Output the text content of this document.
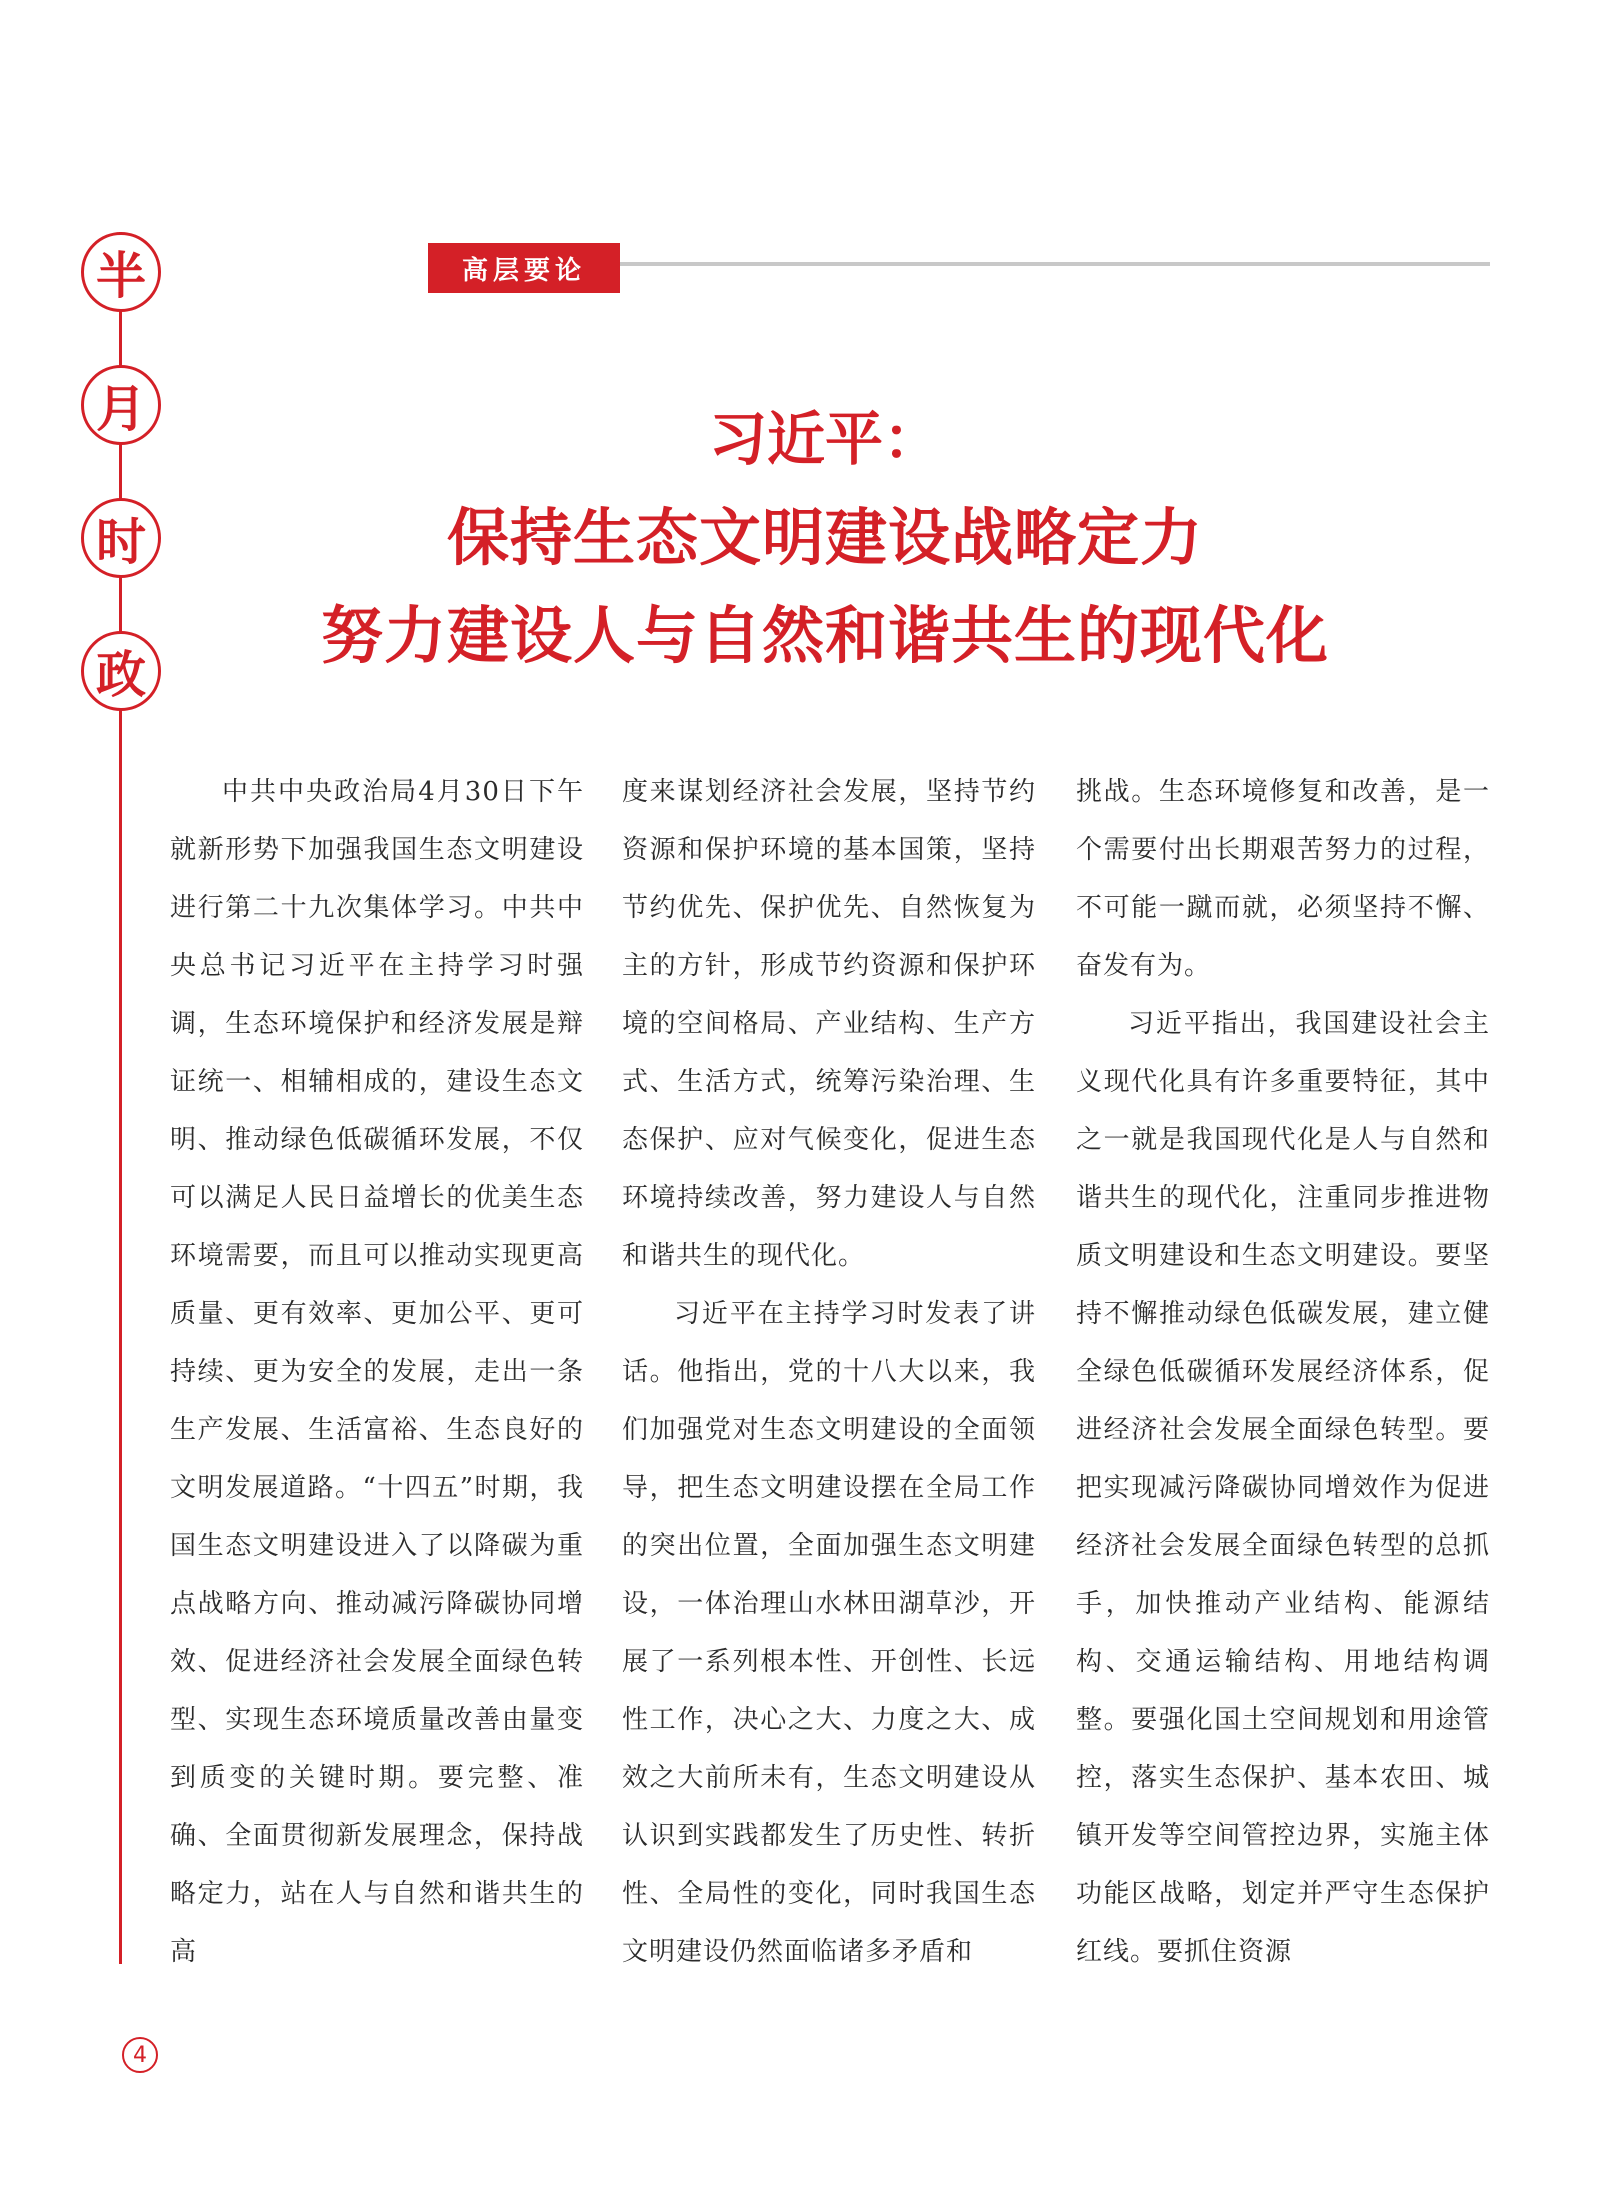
半
月
时
政
高层要论
习近平：
保持生态文明建设战略定力
努力建设人与自然和谐共生的现代化

中共中央政治局4月30日下午就新形势下加强我国生态文明建设进行第二十九次集体学习。中共中央总书记习近平在主持学习时强调，生态环境保护和经济发展是辩证统一、相辅相成的，建设生态文明、推动绿色低碳循环发展，不仅可以满足人民日益增长的优美生态环境需要，而且可以推动实现更高质量、更有效率、更加公平、更可持续、更为安全的发展，走出一条生产发展、生活富裕、生态良好的文明发展道路。“十四五”时期，我国生态文明建设进入了以降碳为重点战略方向、推动减污降碳协同增效、促进经济社会发展全面绿色转型、实现生态环境质量改善由量变到质变的关键时期。要完整、准确、全面贯彻新发展理念，保持战略定力，站在人与自然和谐共生的高

度来谋划经济社会发展，坚持节约资源和保护环境的基本国策，坚持节约优先、保护优先、自然恢复为主的方针，形成节约资源和保护环境的空间格局、产业结构、生产方式、生活方式，统筹污染治理、生态保护、应对气候变化，促进生态环境持续改善，努力建设人与自然和谐共生的现代化。

习近平在主持学习时发表了讲话。他指出，党的十八大以来，我们加强党对生态文明建设的全面领导，把生态文明建设摆在全局工作的突出位置，全面加强生态文明建设，一体治理山水林田湖草沙，开展了一系列根本性、开创性、长远性工作，决心之大、力度之大、成效之大前所未有，生态文明建设从认识到实践都发生了历史性、转折性、全局性的变化，同时我国生态文明建设仍然面临诸多矛盾和

挑战。生态环境修复和改善，是一个需要付出长期艰苦努力的过程，不可能一蹴而就，必须坚持不懈、奋发有为。

习近平指出，我国建设社会主义现代化具有许多重要特征，其中之一就是我国现代化是人与自然和谐共生的现代化，注重同步推进物质文明建设和生态文明建设。要坚持不懈推动绿色低碳发展，建立健全绿色低碳循环发展经济体系，促进经济社会发展全面绿色转型。要把实现减污降碳协同增效作为促进经济社会发展全面绿色转型的总抓手，加快推动产业结构、能源结构、交通运输结构、用地结构调整。要强化国土空间规划和用途管控，落实生态保护、基本农田、城镇开发等空间管控边界，实施主体功能区战略，划定并严守生态保护红线。要抓住资源

4
